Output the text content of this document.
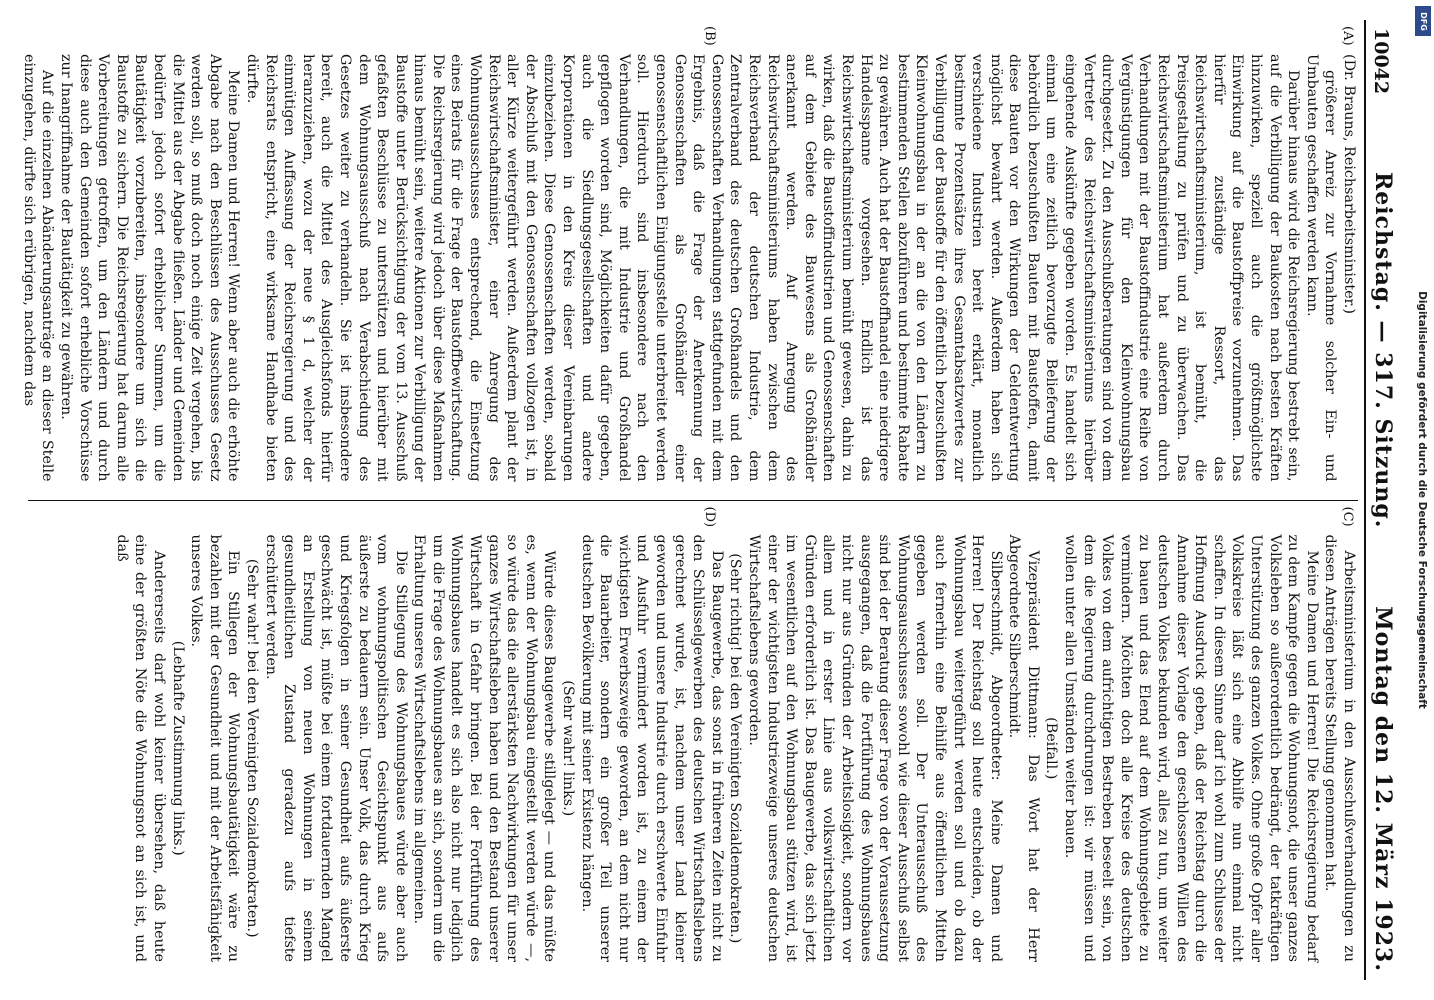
10042
Reichstag. — 317. Sitzung.
Montag den 12. März 1923.
(A)
(B)

(Dr. Brauns, Reichsarbeitsminister.)

größerer Anreiz zur Vornahme solcher Ein- und Umbauten geschaffen werden kann.

Darüber hinaus wird die Reichsregierung bestrebt sein, auf die Verbilligung der Baukosten nach besten Kräften hinzuwirken, speziell auch die größtmöglichste Einwirkung auf die Baustoffpreise vorzunehmen. Das hierfür zuständige Ressort, das Reichswirtschaftsministerium, ist bemüht, die Preisgestaltung zu prüfen und zu überwachen. Das Reichswirtschaftsministerium hat außerdem durch Verhandlungen mit der Baustoffindustrie eine Reihe von Vergünstigungen für den Kleinwohnungsbau durchgesetzt. Zu den Ausschußberatungen sind von dem Vertreter des Reichswirtschaftsministeriums hierüber eingehende Auskünfte gegeben worden. Es handelt sich einmal um eine zeitlich bevorzugte Belieferung der behördlich bezuschußten Bauten mit Baustoffen, damit diese Bauten vor den Wirkungen der Geldentwertung möglichst bewahrt werden. Außerdem haben sich verschiedene Industrien bereit erklärt, monatlich bestimmte Prozentsätze ihres Gesamtabsatzwertes zur Verbilligung der Baustoffe für den öffentlich bezuschußten Kleinwohnungsbau in der an die von den Ländern zu bestimmenden Stellen abzuführen und bestimmte Rabatte zu gewähren. Auch hat der Baustoffhandel eine niedrigere Handelsspanne vorgesehen. Endlich ist das Reichswirtschaftsministerium bemüht gewesen, dahin zu wirken, daß die Baustoffindustrien und Genossenschaften auf dem Gebiete des Bauwesens als Großhändler anerkannt werden. Auf Anregung des Reichswirtschaftsministeriums haben zwischen dem Reichsverband der deutschen Industrie, dem Zentralverband des deutschen Großhandels und den Genossenschaften Verhandlungen stattgefunden mit dem Ergebnis, daß die Frage der Anerkennung der Genossenschaften als Großhändler einer genossenschaftlichen Einigungsstelle unterbreitet werden soll. Hierdurch sind insbesondere nach den Verhandlungen, die mit Industrie und Großhandel gepflogen worden sind, Möglichkeiten dafür gegeben, auch die Siedlungsgesellschaften und andere Korporationen in den Kreis dieser Vereinbarungen einzubeziehen. Diese Genossenschaften werden, sobald der Abschluß mit den Genossenschaften vollzogen ist, in aller Kürze weitergeführt werden. Außerdem plant der Reichswirtschaftsminister, einer Anregung des Wohnungsausschusses entsprechend, die Einsetzung eines Beirats für die Frage der Baustoffbewirtschaftung. Die Reichsregierung wird jedoch über diese Maßnahmen hinaus bemüht sein, weitere Aktionen zur Verbilligung der Baustoffe unter Berücksichtigung der vom 13. Ausschuß gefaßten Beschlüsse zu unterstützen und hierüber mit dem Wohnungsausschuß nach Verabschiedung des Gesetzes weiter zu verhandeln. Sie ist insbesondere bereit, auch die Mittel des Ausgleichsfonds hierfür heranzuziehen, wozu der neue § 1 d, welcher der einmütigen Auffassung der Reichsregierung und des Reichsrats entspricht, eine wirksame Handhabe bieten dürfte.

Meine Damen und Herren! Wenn aber auch die erhöhte Abgabe nach den Beschlüssen des Ausschusses Gesetz werden soll, so muß doch noch einige Zeit vergehen, bis die Mittel aus der Abgabe fließen. Länder und Gemeinden bedürfen jedoch sofort erheblicher Summen, um die Bautätigkeit vorzubereiten, insbesondere um sich die Baustoffe zu sichern. Die Reichsregierung hat darum alle Vorbereitungen getroffen, um den Ländern und durch diese auch den Gemeinden sofort erhebliche Vorschüsse zur Inangriffnahme der Bautätigkeit zu gewähren.

Auf die einzelnen Abänderungsanträge an dieser Stelle einzugehen, dürfte sich erübrigen, nachdem das

(C)
(D)

Arbeitsministerium in den Ausschußverhandlungen zu diesen Anträgen bereits Stellung genommen hat.

Meine Damen und Herren! Die Reichsregierung bedarf zu dem Kampfe gegen die Wohnungsnot, die unser ganzes Volksleben so außerordentlich bedrängt, der tatkräftigen Unterstützung des ganzen Volkes. Ohne große Opfer aller Volkskreise läßt sich eine Abhilfe nun einmal nicht schaffen. In diesem Sinne darf ich wohl zum Schlusse der Hoffnung Ausdruck geben, daß der Reichstag durch die Annahme dieser Vorlage den geschlossenen Willen des deutschen Volkes bekunden wird, alles zu tun, um weiter zu bauen und das Elend auf dem Wohnungsgebiete zu vermindern. Möchten doch alle Kreise des deutschen Volkes von dem aufrichtigen Bestreben beseelt sein, von dem die Regierung durchdrungen ist: wir müssen und wollen unter allen Umständen weiter bauen.

(Beifall.)

Vizepräsident Dittmann: Das Wort hat der Herr Abgeordnete Silberschmidt.

Silberschmidt, Abgeordneter: Meine Damen und Herren! Der Reichstag soll heute entscheiden, ob der Wohnungsbau weitergeführt werden soll und ob dazu auch fernerhin eine Beihilfe aus öffentlichen Mitteln gegeben werden soll. Der Unterausschuß des Wohnungsausschusses sowohl wie dieser Ausschuß selbst sind bei der Beratung dieser Frage von der Voraussetzung ausgegangen, daß die Fortführung des Wohnungsbaues nicht nur aus Gründen der Arbeitslosigkeit, sondern vor allem und in erster Linie aus volkswirtschaftlichen Gründen erforderlich ist. Das Baugewerbe, das sich jetzt im wesentlichen auf den Wohnungsbau stützen wird, ist einer der wichtigsten Industriezweige unseres deutschen Wirtschaftslebens geworden.

(Sehr richtig! bei den Vereinigten Sozialdemokraten.)

Das Baugewerbe, das sonst in früheren Zeiten nicht zu den Schlüsselgewerben des deutschen Wirtschaftslebens gerechnet wurde, ist, nachdem unser Land kleiner geworden und unsere Industrie durch erschwerte Einfuhr und Ausfuhr vermindert worden ist, zu einem der wichtigsten Erwerbszweige geworden, an dem nicht nur die Bauarbeiter, sondern ein großer Teil unserer deutschen Bevölkerung mit seiner Existenz hängen.

(Sehr wahr! links.)

Würde dieses Baugewerbe stillgelegt — und das müßte es, wenn der Wohnungsbau eingestellt werden würde —, so würde das die allerstärksten Nachwirkungen für unser ganzes Wirtschaftsleben haben und den Bestand unserer Wirtschaft in Gefahr bringen. Bei der Fortführung des Wohnungsbaues handelt es sich also nicht nur lediglich um die Frage des Wohnungsbaues an sich, sondern um die Erhaltung unseres Wirtschaftslebens im allgemeinen.

Die Stillegung des Wohnungsbaues würde aber auch vom wohnungspolitischen Gesichtspunkt aus aufs äußerste zu bedauern sein. Unser Volk, das durch Krieg und Kriegsfolgen in seiner Gesundheit aufs äußerste geschwächt ist, müßte bei einem fortdauernden Mangel an Erstellung von neuen Wohnungen in seinem gesundheitlichen Zustand geradezu aufs tiefste erschüttert werden.

(Sehr wahr! bei den Vereinigten Sozialdemokraten.)

Ein Stillegen der Wohnungsbautätigkeit wäre zu bezahlen mit der Gesundheit und mit der Arbeitsfähigkeit unseres Volkes.

(Lebhafte Zustimmung links.)

Andererseits darf wohl keiner übersehen, daß heute eine der größten Nöte die Wohnungsnot an sich ist, und daß

DFG
Digitalisierung gefördert durch die Deutsche Forschungsgemeinschaft
